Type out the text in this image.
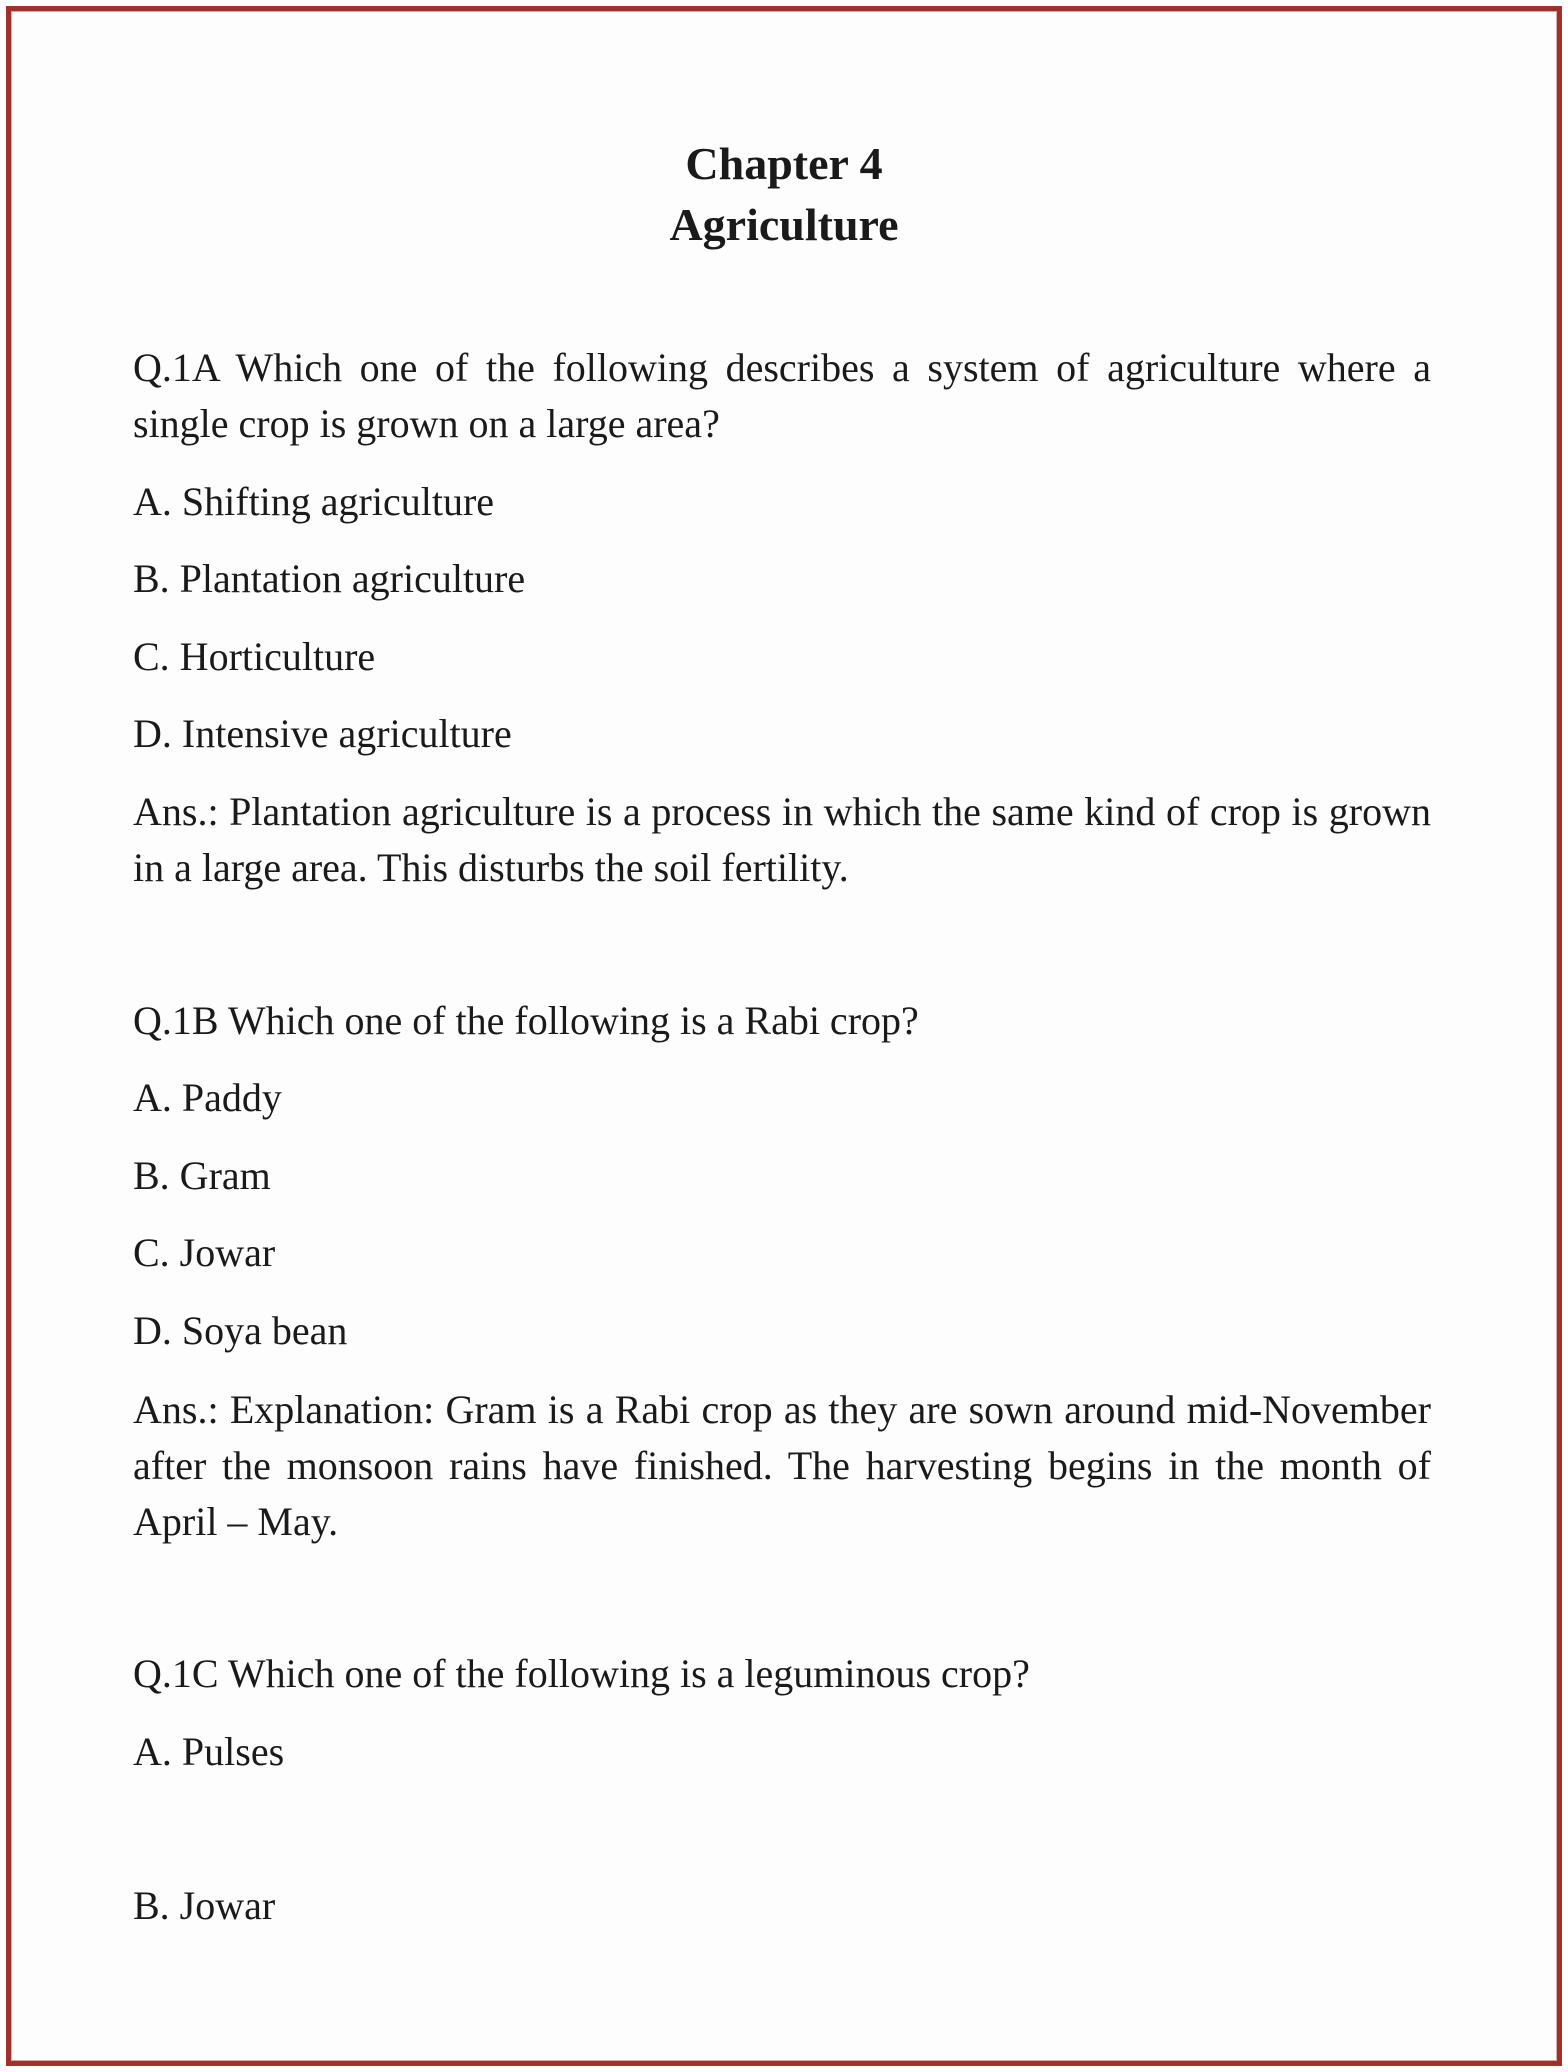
Chapter 4
Agriculture

Q.1A Which one of the following describes a system of agriculture where a single crop is grown on a large area?

A. Shifting agriculture

B. Plantation agriculture

C. Horticulture

D. Intensive agriculture

Ans.: Plantation agriculture is a process in which the same kind of crop is grown in a large area. This disturbs the soil fertility.

Q.1B Which one of the following is a Rabi crop?

A. Paddy

B. Gram

C. Jowar

D. Soya bean

Ans.: Explanation: Gram is a Rabi crop as they are sown around mid-November after the monsoon rains have finished. The harvesting begins in the month of April – May.

Q.1C Which one of the following is a leguminous crop?

A. Pulses

B. Jowar
